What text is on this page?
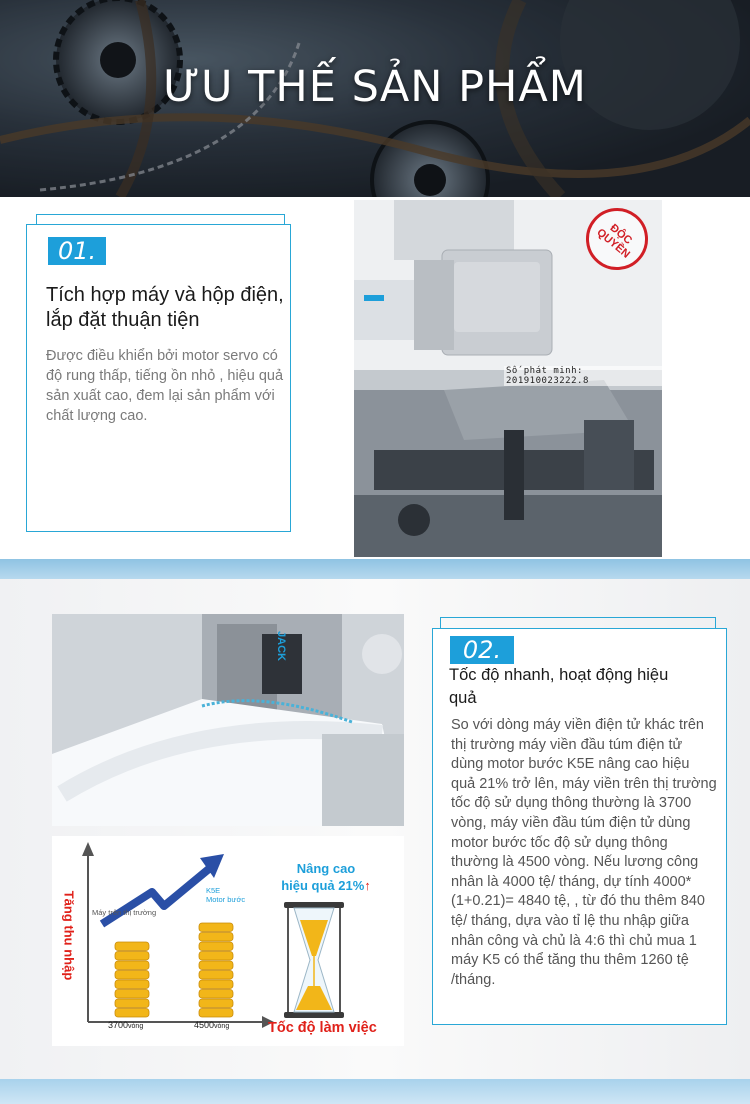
ƯU THẾ SẢN PHẨM
01.
Tích hợp máy và hộp điện, lắp đặt thuận tiện
Được điều khiển bởi motor servo có độ rung thấp, tiếng ồn nhỏ , hiệu quả sản xuất cao, đem lại sản phẩm với chất lượng cao.
Số phát minh: 201910023222.8
ĐỘC QUYỀN
JACK
Tăng thu nhập
Tốc độ làm việc
Máy trên thị trường
K5E
Motor bước
3700vòng	4500vòng
Nâng cao
hiệu quả 21%↑
02.
Tốc độ nhanh, hoạt động hiệu quả
So với dòng máy viền điện tử khác trên thị trường máy viền đầu túm điện tử dùng motor bước K5E nâng cao hiệu quả 21% trở lên, máy viền trên thị trường tốc độ sử dụng thông thường là 3700 vòng, máy viền đầu túm điện tử dùng motor bước tốc độ sử dụng thông thường là 4500 vòng. Nếu lương công nhân là 4000 tệ/ tháng, dự tính 4000*(1+0.21)= 4840 tệ, , từ đó thu thêm 840 tệ/ tháng, dựa vào tỉ lệ thu nhập giữa nhân công và chủ là 4:6 thì chủ mua 1 máy K5 có thể tăng thu thêm 1260 tệ /tháng.
